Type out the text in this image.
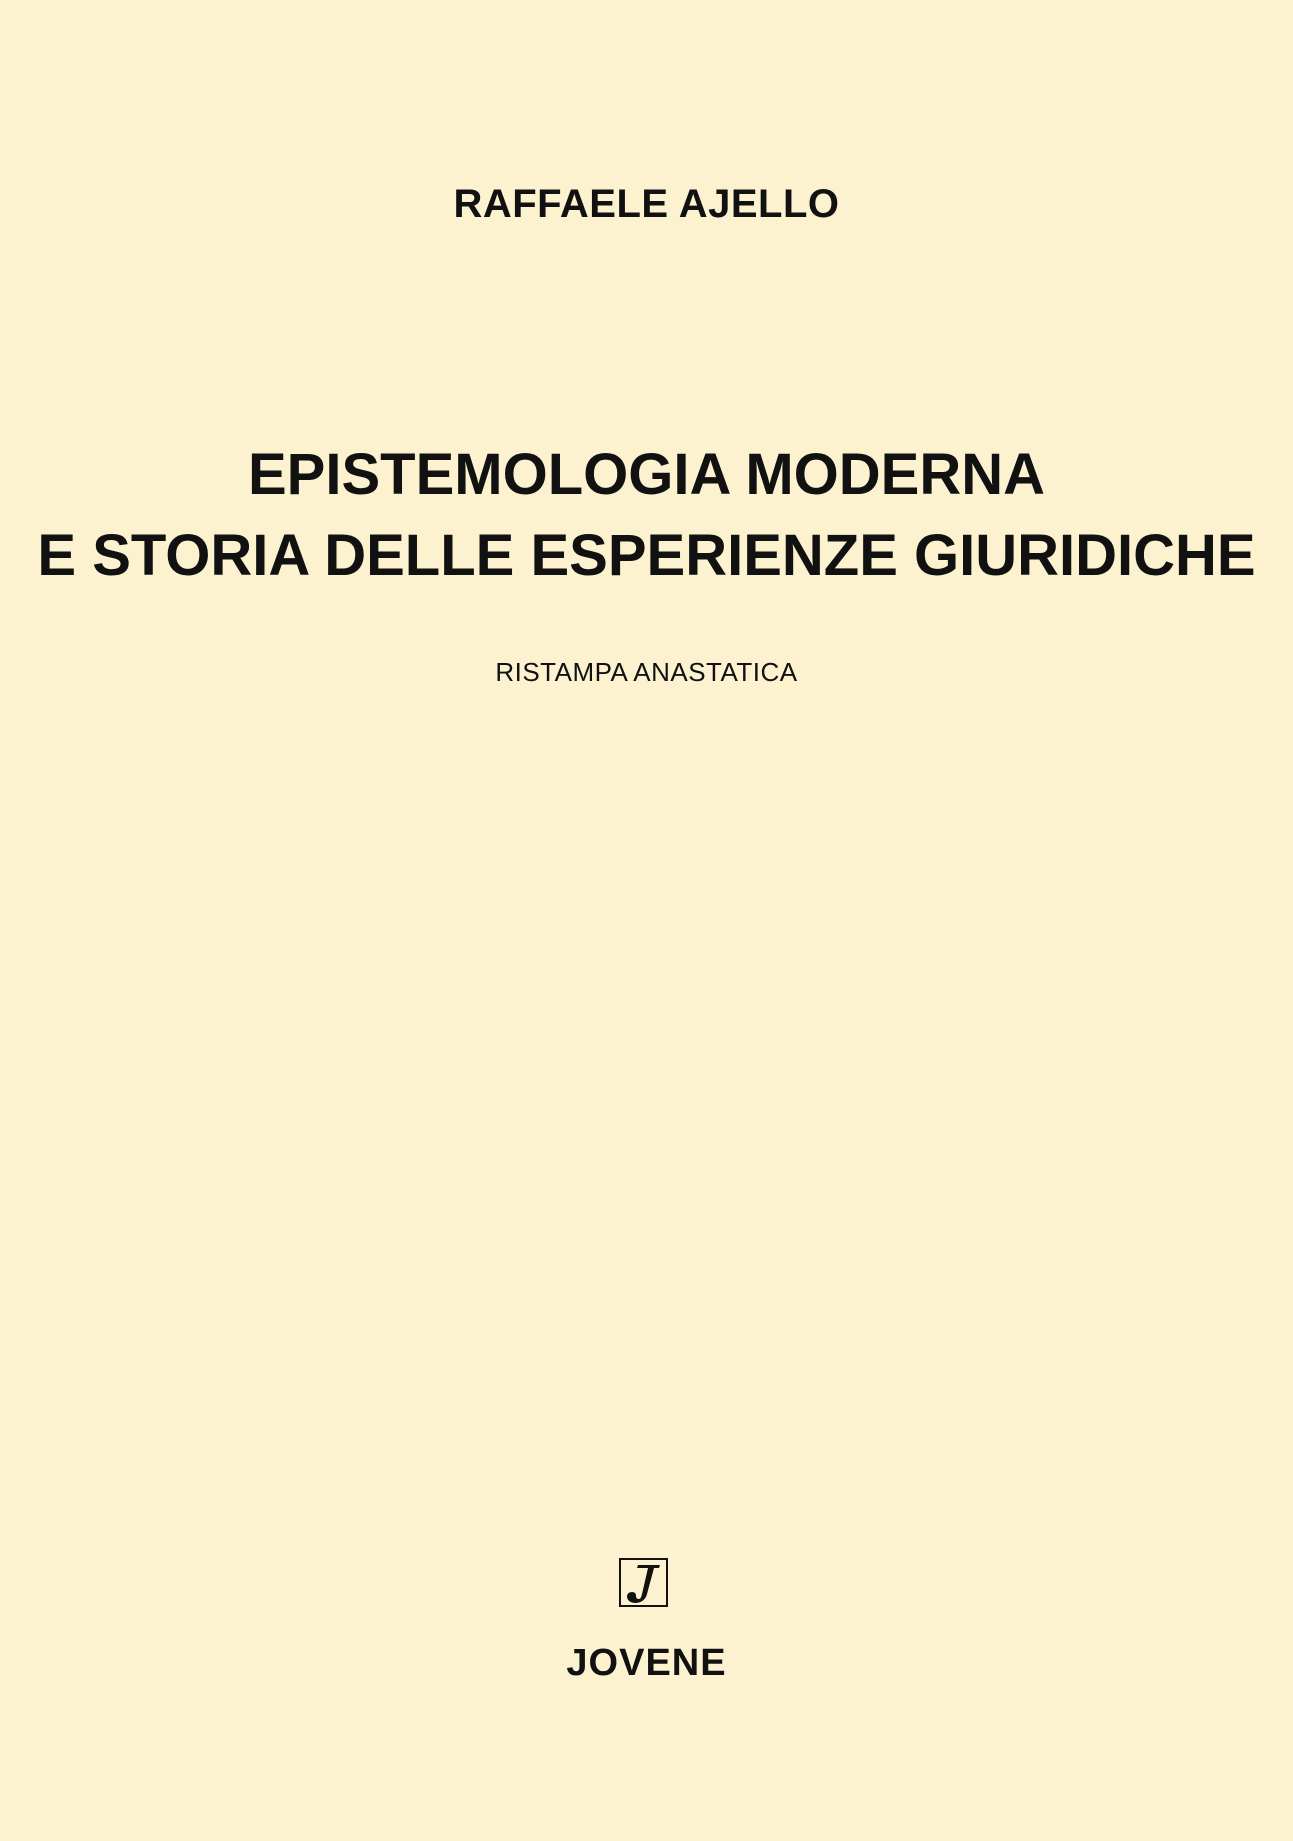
RAFFAELE AJELLO
EPISTEMOLOGIA MODERNA
E STORIA DELLE ESPERIENZE GIURIDICHE
RISTAMPA ANASTATICA
JOVENE
